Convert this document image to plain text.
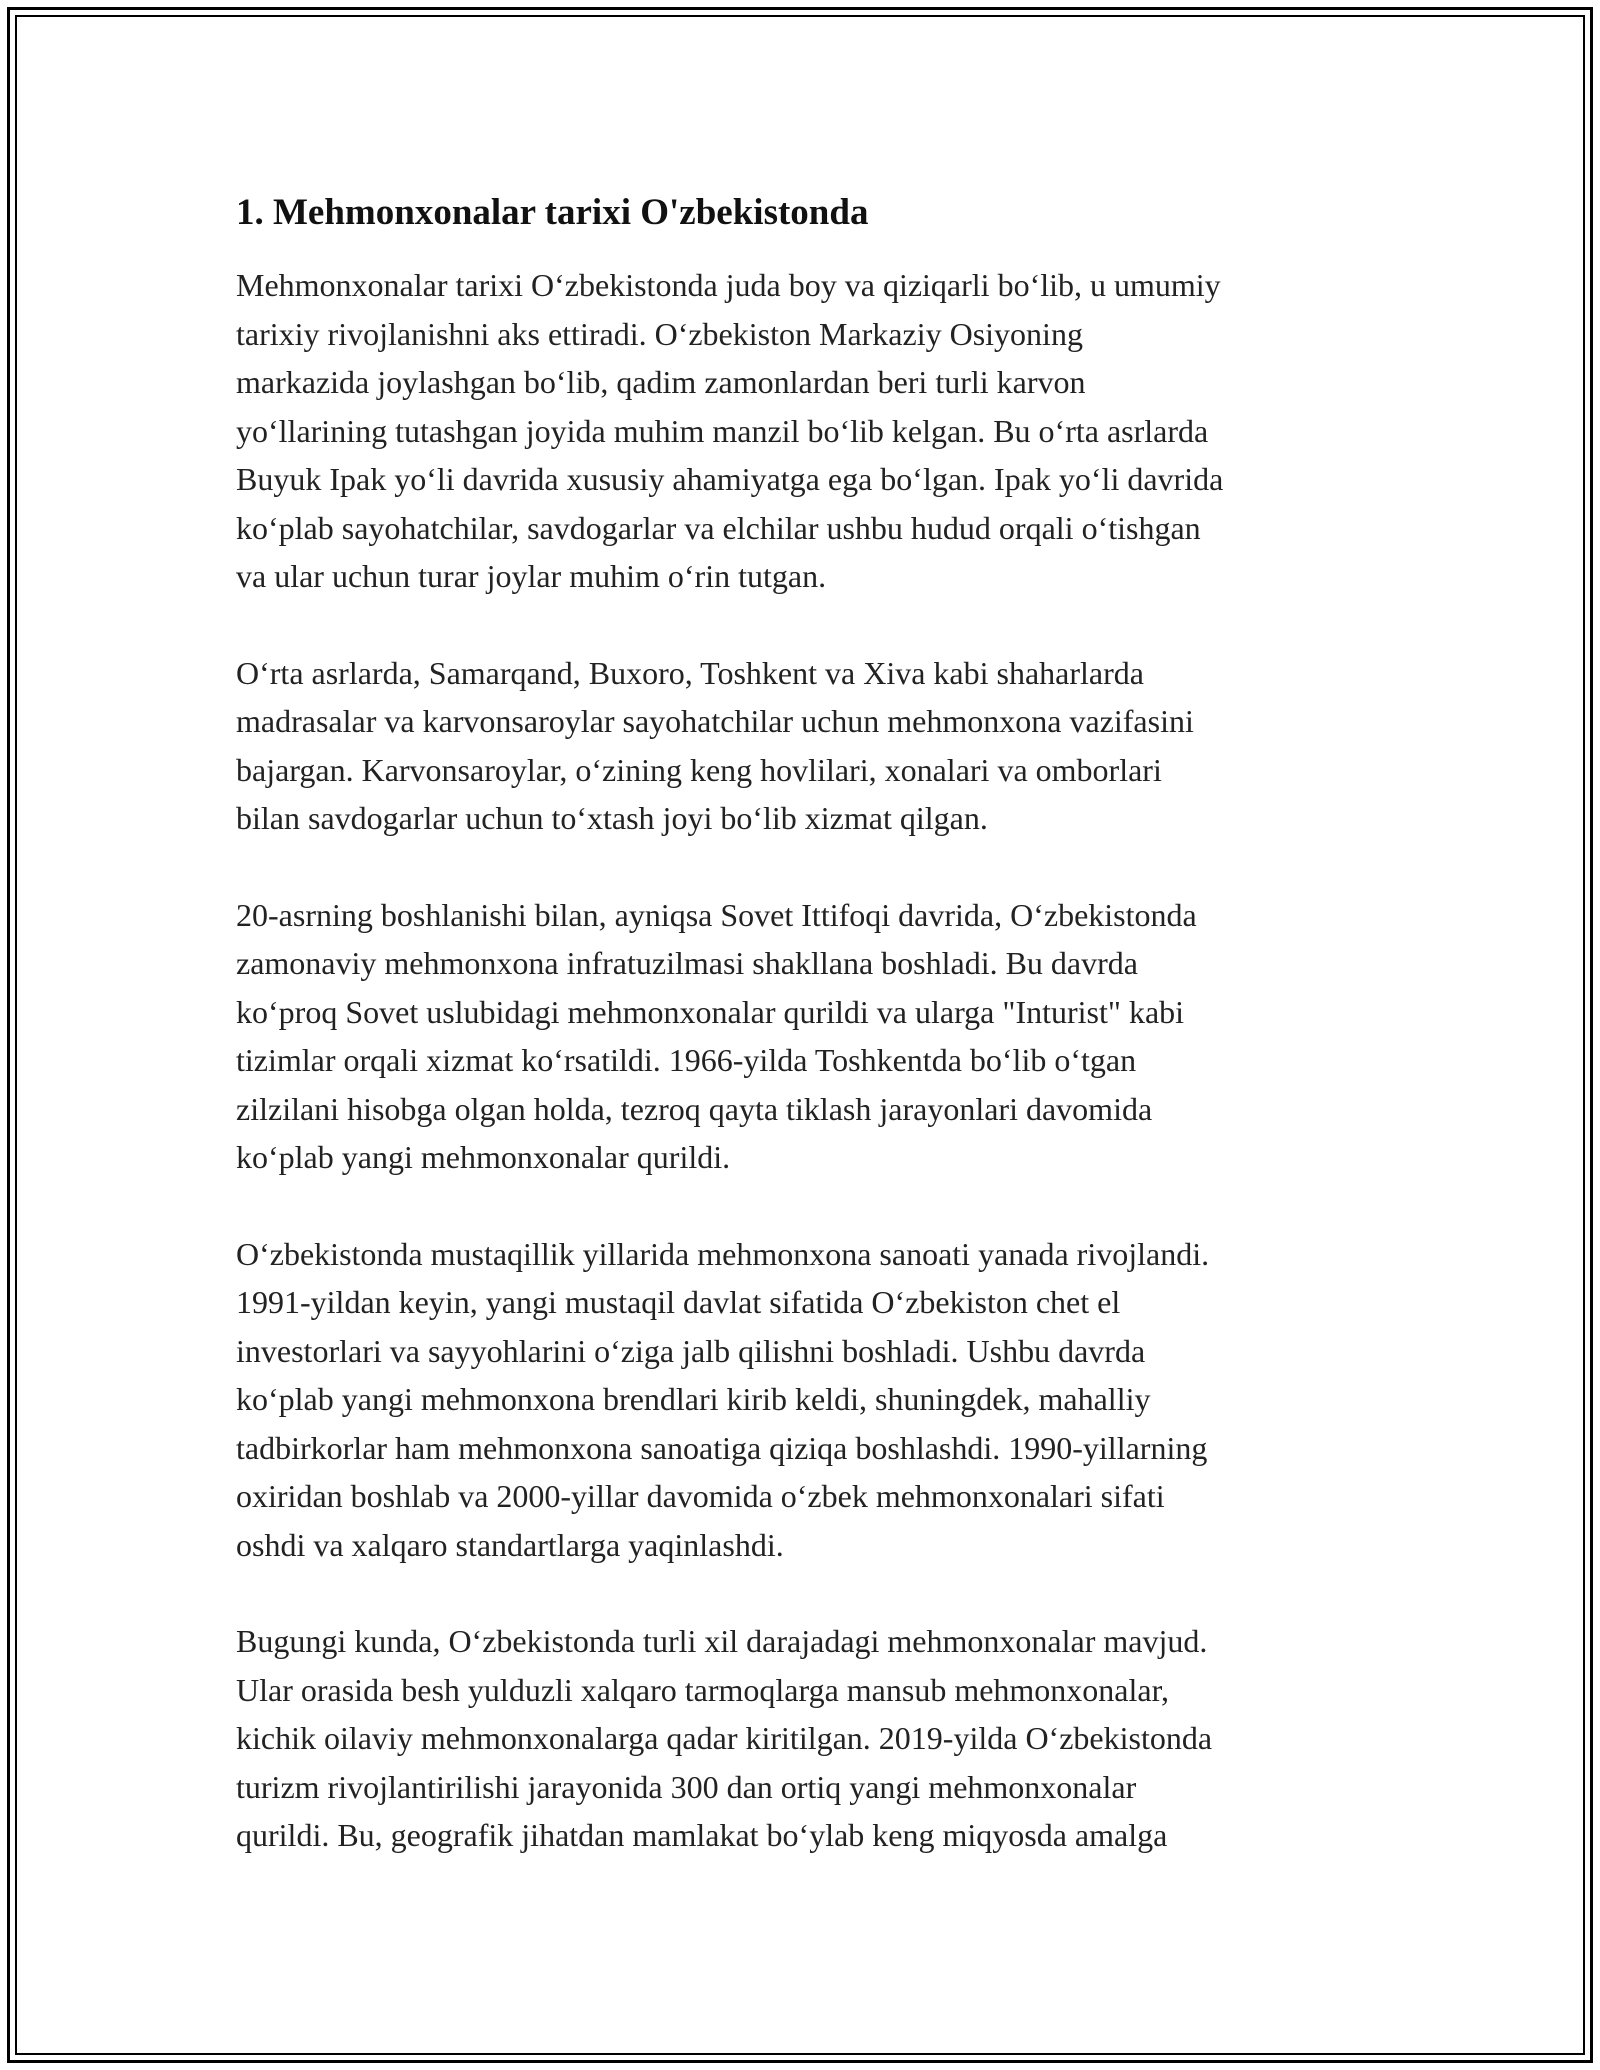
1. Mehmonxonalar tarixi O'zbekistonda

Mehmonxonalar tarixi O‘zbekistonda juda boy va qiziqarli bo‘lib, u umumiy
tarixiy rivojlanishni aks ettiradi. O‘zbekiston Markaziy Osiyoning
markazida joylashgan bo‘lib, qadim zamonlardan beri turli karvon
yo‘llarining tutashgan joyida muhim manzil bo‘lib kelgan. Bu o‘rta asrlarda
Buyuk Ipak yo‘li davrida xususiy ahamiyatga ega bo‘lgan. Ipak yo‘li davrida
ko‘plab sayohatchilar, savdogarlar va elchilar ushbu hudud orqali o‘tishgan
va ular uchun turar joylar muhim o‘rin tutgan.

O‘rta asrlarda, Samarqand, Buxoro, Toshkent va Xiva kabi shaharlarda
madrasalar va karvonsaroylar sayohatchilar uchun mehmonxona vazifasini
bajargan. Karvonsaroylar, o‘zining keng hovlilari, xonalari va omborlari
bilan savdogarlar uchun to‘xtash joyi bo‘lib xizmat qilgan.

20-asrning boshlanishi bilan, ayniqsa Sovet Ittifoqi davrida, O‘zbekistonda
zamonaviy mehmonxona infratuzilmasi shakllana boshladi. Bu davrda
ko‘proq Sovet uslubidagi mehmonxonalar qurildi va ularga "Inturist" kabi
tizimlar orqali xizmat ko‘rsatildi. 1966-yilda Toshkentda bo‘lib o‘tgan
zilzilani hisobga olgan holda, tezroq qayta tiklash jarayonlari davomida
ko‘plab yangi mehmonxonalar qurildi.

O‘zbekistonda mustaqillik yillarida mehmonxona sanoati yanada rivojlandi.
1991-yildan keyin, yangi mustaqil davlat sifatida O‘zbekiston chet el
investorlari va sayyohlarini o‘ziga jalb qilishni boshladi. Ushbu davrda
ko‘plab yangi mehmonxona brendlari kirib keldi, shuningdek, mahalliy
tadbirkorlar ham mehmonxona sanoatiga qiziqa boshlashdi. 1990-yillarning
oxiridan boshlab va 2000-yillar davomida o‘zbek mehmonxonalari sifati
oshdi va xalqaro standartlarga yaqinlashdi.

Bugungi kunda, O‘zbekistonda turli xil darajadagi mehmonxonalar mavjud.
Ular orasida besh yulduzli xalqaro tarmoqlarga mansub mehmonxonalar,
kichik oilaviy mehmonxonalarga qadar kiritilgan. 2019-yilda O‘zbekistonda
turizm rivojlantirilishi jarayonida 300 dan ortiq yangi mehmonxonalar
qurildi. Bu, geografik jihatdan mamlakat bo‘ylab keng miqyosda amalga
